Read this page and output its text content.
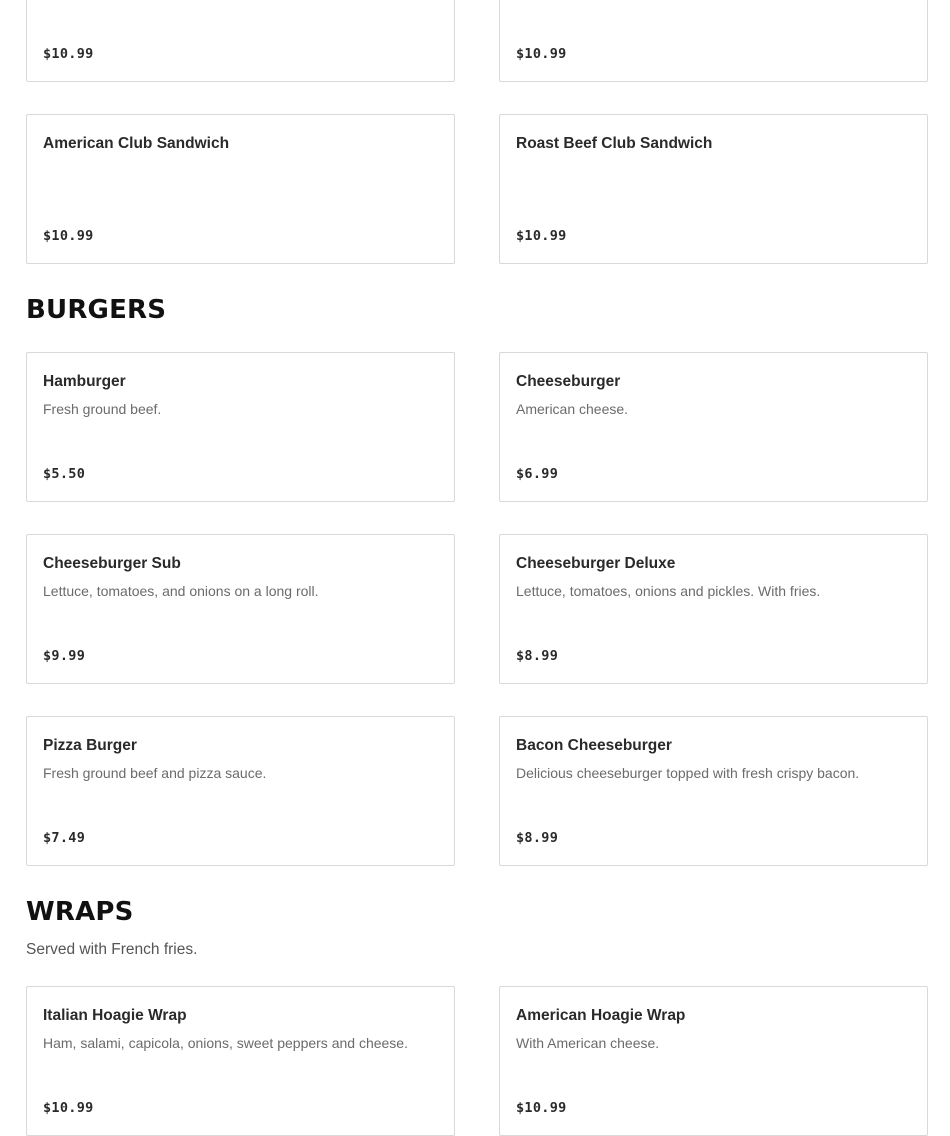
$10.99	$10.99
American Club Sandwich
$10.99
Roast Beef Club Sandwich
$10.99
BURGERS
Hamburger
Fresh ground beef.
$5.50
Cheeseburger
American cheese.
$6.99
Cheeseburger Sub
Lettuce, tomatoes, and onions on a long roll.
$9.99
Cheeseburger Deluxe
Lettuce, tomatoes, onions and pickles. With fries.
$8.99
Pizza Burger
Fresh ground beef and pizza sauce.
$7.49
Bacon Cheeseburger
Delicious cheeseburger topped with fresh crispy bacon.
$8.99
WRAPS

Served with French fries.

Italian Hoagie Wrap
Ham, salami, capicola, onions, sweet peppers and cheese.
$10.99
American Hoagie Wrap
With American cheese.
$10.99
